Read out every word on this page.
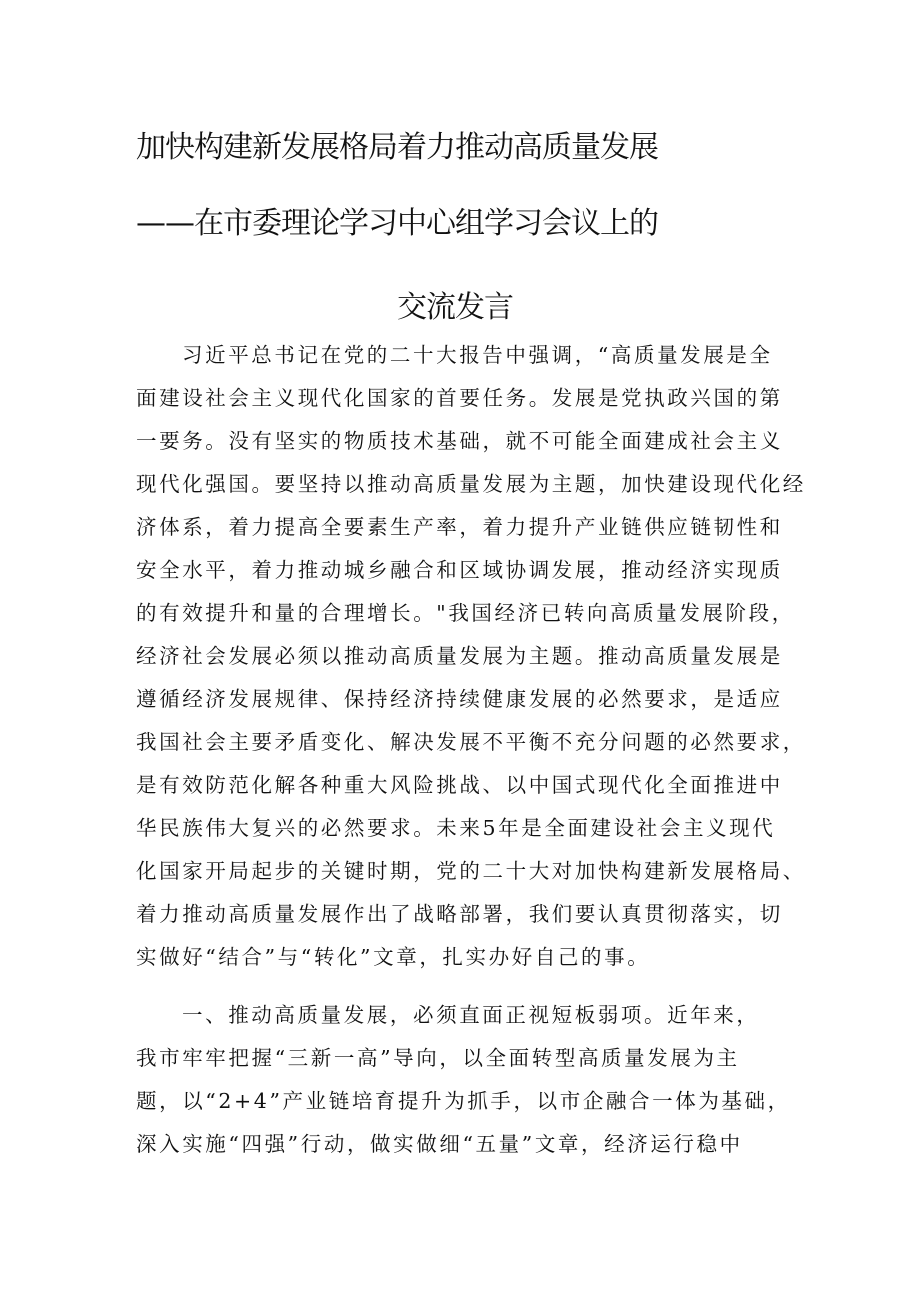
加快构建新发展格局着力推动高质量发展
——在市委理论学习中心组学习会议上的
交流发言
习近平总书记在党的二十大报告中强调，“高质量发展是全
面建设社会主义现代化国家的首要任务。发展是党执政兴国的第
一要务。没有坚实的物质技术基础，就不可能全面建成社会主义
现代化强国。要坚持以推动高质量发展为主题，加快建设现代化经
济体系，着力提高全要素生产率，着力提升产业链供应链韧性和
安全水平，着力推动城乡融合和区域协调发展，推动经济实现质
的有效提升和量的合理增长。"我国经济已转向高质量发展阶段，
经济社会发展必须以推动高质量发展为主题。推动高质量发展是
遵循经济发展规律、保持经济持续健康发展的必然要求，是适应
我国社会主要矛盾变化、解决发展不平衡不充分问题的必然要求，
是有效防范化解各种重大风险挑战、以中国式现代化全面推进中
华民族伟大复兴的必然要求。未来5年是全面建设社会主义现代
化国家开局起步的关键时期，党的二十大对加快构建新发展格局、
着力推动高质量发展作出了战略部署，我们要认真贯彻落实，切
实做好“结合”与“转化”文章，扎实办好自己的事。
一、推动高质量发展，必须直面正视短板弱项。近年来，
我市牢牢把握“三新一高”导向，以全面转型高质量发展为主
题，以“2+4”产业链培育提升为抓手，以市企融合一体为基础，
深入实施“四强”行动，做实做细“五量”文章，经济运行稳中
